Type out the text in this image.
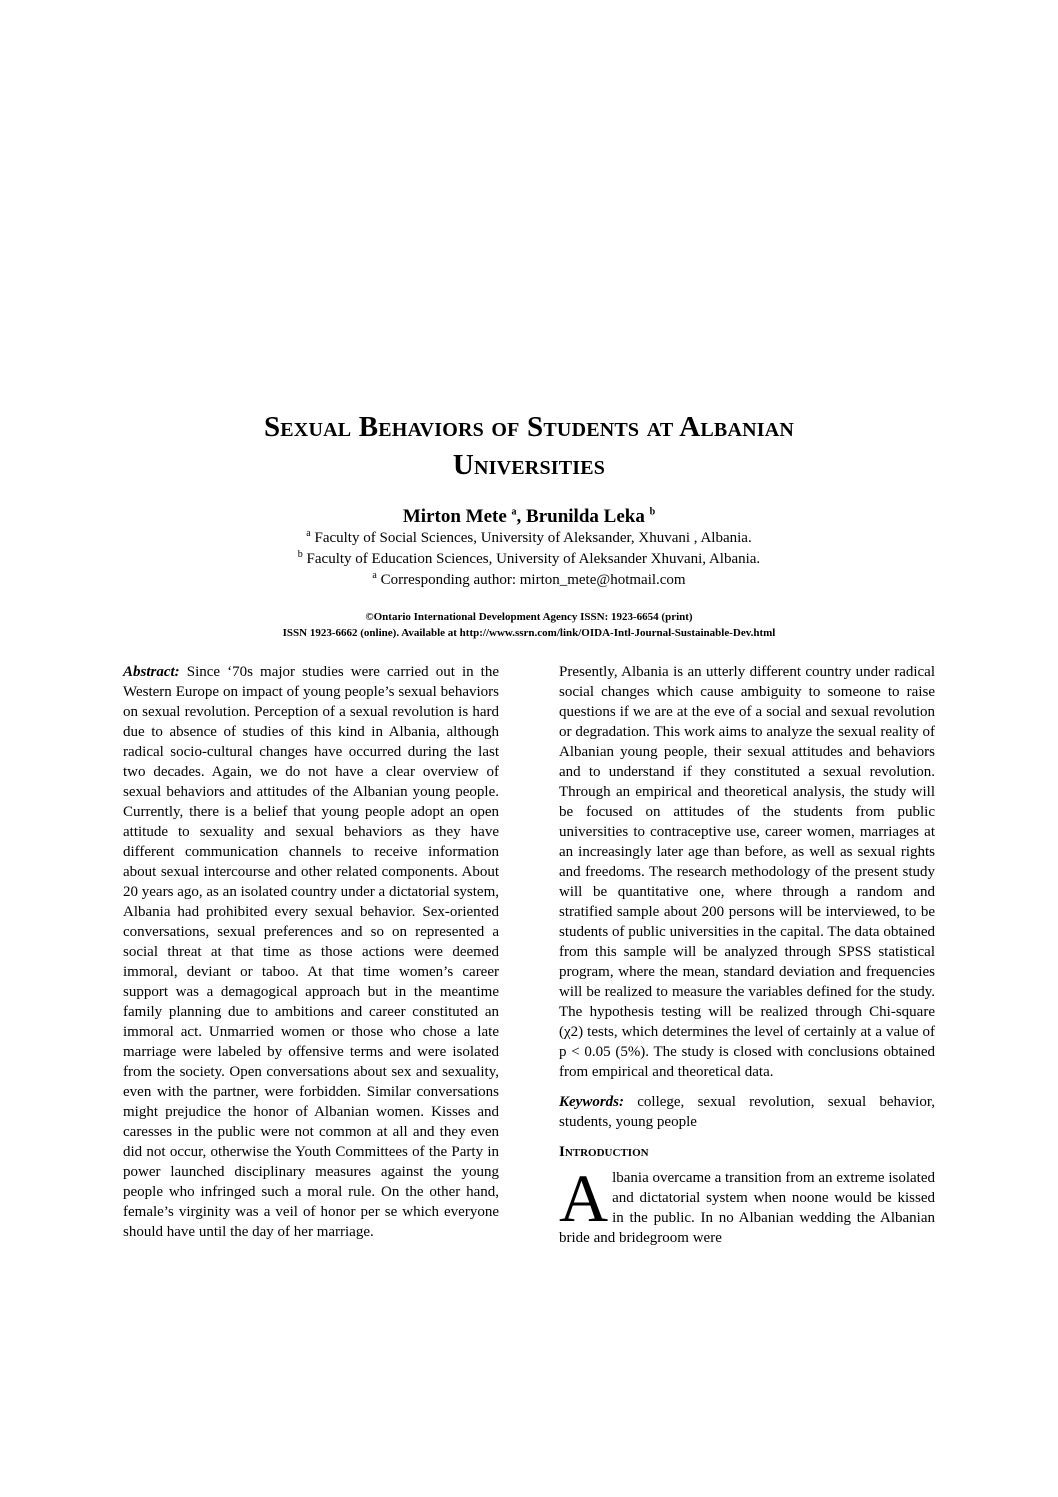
Sexual Behaviors of Students at Albanian
Universities
Mirton Mete $^a$, Brunilda Leka $^b$
$^a$ Faculty of Social Sciences, University of Aleksander, Xhuvani , Albania.
$^b$ Faculty of Education Sciences, University of Aleksander Xhuvani, Albania.
$^a$ Corresponding author: mirton_mete@hotmail.com
©Ontario International Development Agency ISSN: 1923-6654 (print)
ISSN 1923-6662 (online). Available at http://www.ssrn.com/link/OIDA-Intl-Journal-Sustainable-Dev.html

Abstract: Since ‘70s major studies were carried out in the Western Europe on impact of young people’s sexual behaviors on sexual revolution. Perception of a sexual revolution is hard due to absence of studies of this kind in Albania, although radical socio-cultural changes have occurred during the last two decades. Again, we do not have a clear overview of sexual behaviors and attitudes of the Albanian young people. Currently, there is a belief that young people adopt an open attitude to sexuality and sexual behaviors as they have different communication channels to receive information about sexual intercourse and other related components. About 20 years ago, as an isolated country under a dictatorial system, Albania had prohibited every sexual behavior. Sex-oriented conversations, sexual preferences and so on represented a social threat at that time as those actions were deemed immoral, deviant or taboo. At that time women’s career support was a demagogical approach but in the meantime family planning due to ambitions and career constituted an immoral act. Unmarried women or those who chose a late marriage were labeled by offensive terms and were isolated from the society. Open conversations about sex and sexuality, even with the partner, were forbidden. Similar conversations might prejudice the honor of Albanian women. Kisses and caresses in the public were not common at all and they even did not occur, otherwise the Youth Committees of the Party in power launched disciplinary measures against the young people who infringed such a moral rule. On the other hand, female’s virginity was a veil of honor per se which everyone should have until the day of her marriage.

Presently, Albania is an utterly different country under radical social changes which cause ambiguity to someone to raise questions if we are at the eve of a social and sexual revolution or degradation. This work aims to analyze the sexual reality of Albanian young people, their sexual attitudes and behaviors and to understand if they constituted a sexual revolution. Through an empirical and theoretical analysis, the study will be focused on attitudes of the students from public universities to contraceptive use, career women, marriages at an increasingly later age than before, as well as sexual rights and freedoms. The research methodology of the present study will be quantitative one, where through a random and stratified sample about 200 persons will be interviewed, to be students of public universities in the capital. The data obtained from this sample will be analyzed through SPSS statistical program, where the mean, standard deviation and frequencies will be realized to measure the variables defined for the study. The hypothesis testing will be realized through Chi-square (χ2) tests, which determines the level of certainly at a value of p < 0.05 (5%). The study is closed with conclusions obtained from empirical and theoretical data.

Keywords: college, sexual revolution, sexual behavior, students, young people

Introduction

Albania overcame a transition from an extreme isolated and dictatorial system when noone would be kissed in the public. In no Albanian wedding the Albanian bride and bridegroom were
